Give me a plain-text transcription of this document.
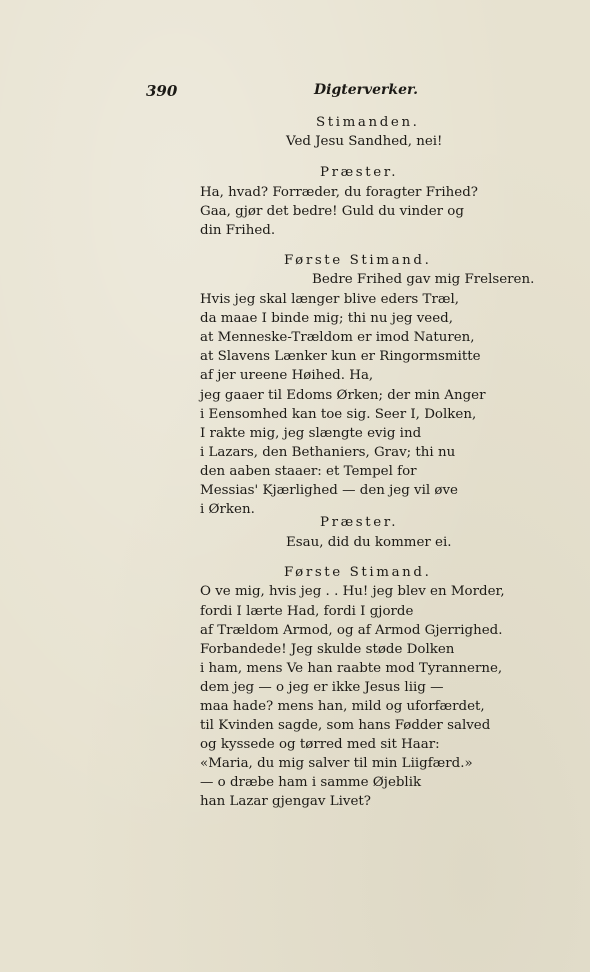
390	Digterverker.
Stimanden.
Ved Jesu Sandhed, nei!
Præster.
Ha, hvad? Forræder, du foragter Frihed?
Gaa, gjør det bedre! Guld du vinder og
din Frihed.
Første Stimand.
Bedre Frihed gav mig Frelseren.
Hvis jeg skal længer blive eders Træl,
da maae I binde mig; thi nu jeg veed,
at Menneske-Trældom er imod Naturen,
at Slavens Lænker kun er Ringormsmitte
af jer ureene Høihed. Ha,
jeg gaaer til Edoms Ørken; der min Anger
i Eensomhed kan toe sig. Seer I, Dolken,
I rakte mig, jeg slængte evig ind
i Lazars, den Bethaniers, Grav; thi nu
den aaben staaer: et Tempel for
Messias' Kjærlighed — den jeg vil øve
i Ørken.
Præster.
Esau, did du kommer ei.
Første Stimand.
O ve mig, hvis jeg . . Hu! jeg blev en Morder,
fordi I lærte Had, fordi I gjorde
af Trældom Armod, og af Armod Gjerrighed.
Forbandede! Jeg skulde støde Dolken
i ham, mens Ve han raabte mod Tyrannerne,
dem jeg — o jeg er ikke Jesus liig —
maa hade? mens han, mild og uforfærdet,
til Kvinden sagde, som hans Fødder salved
og kyssede og tørred med sit Haar:
«Maria, du mig salver til min Liigfærd.»
— o dræbe ham i samme Øjeblik
han Lazar gjengav Livet?
